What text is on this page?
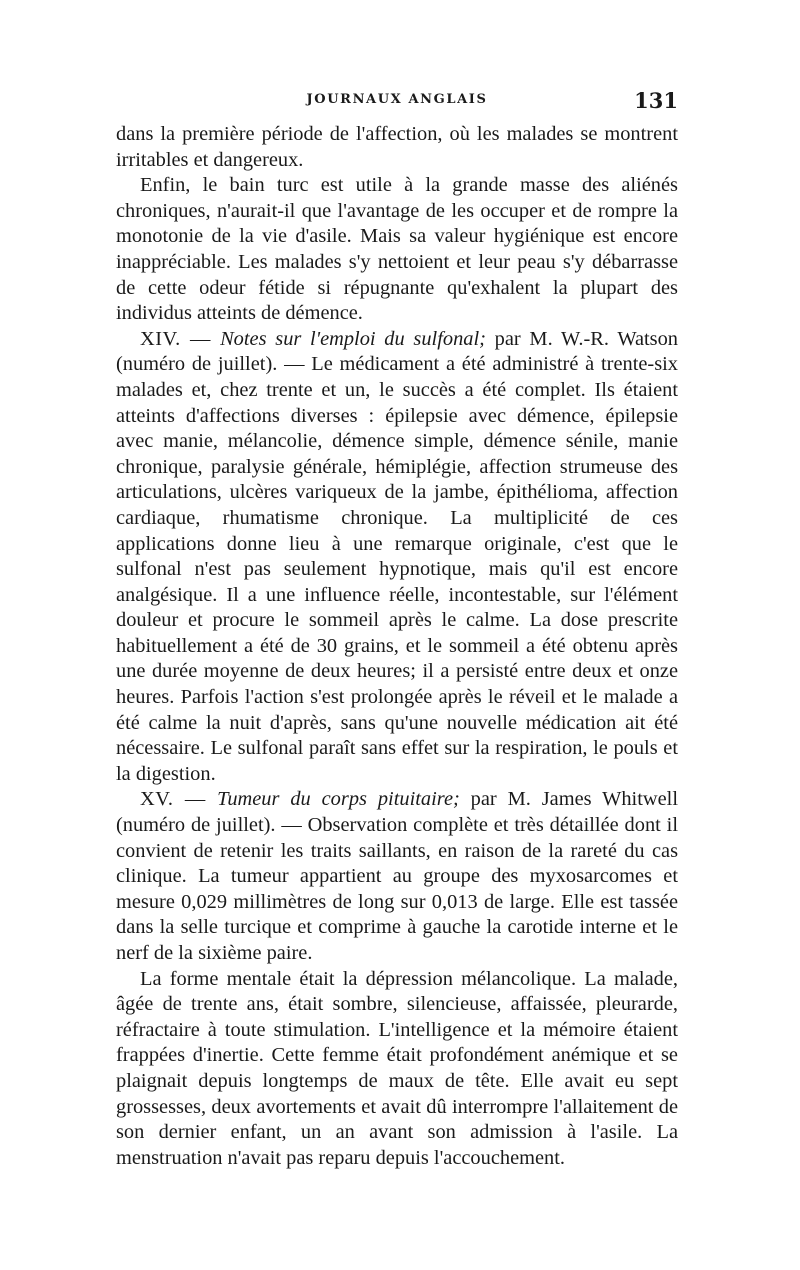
JOURNAUX ANGLAIS	131

dans la première période de l'affection, où les malades se montrent irritables et dangereux.

Enfin, le bain turc est utile à la grande masse des aliénés chroniques, n'aurait-il que l'avantage de les occuper et de rompre la monotonie de la vie d'asile. Mais sa valeur hygiénique est encore inappréciable. Les malades s'y nettoient et leur peau s'y débarrasse de cette odeur fétide si répugnante qu'exhalent la plupart des individus atteints de démence.

XIV. — Notes sur l'emploi du sulfonal; par M. W.-R. Watson (numéro de juillet). — Le médicament a été administré à trente-six malades et, chez trente et un, le succès a été complet. Ils étaient atteints d'affections diverses : épilepsie avec démence, épilepsie avec manie, mélancolie, démence simple, démence sénile, manie chronique, paralysie générale, hémiplégie, affection strumeuse des articulations, ulcères variqueux de la jambe, épithélioma, affection cardiaque, rhumatisme chronique. La multiplicité de ces applications donne lieu à une remarque originale, c'est que le sulfonal n'est pas seulement hypnotique, mais qu'il est encore analgésique. Il a une influence réelle, incontestable, sur l'élément douleur et procure le sommeil après le calme. La dose prescrite habituellement a été de 30 grains, et le sommeil a été obtenu après une durée moyenne de deux heures; il a persisté entre deux et onze heures. Parfois l'action s'est prolongée après le réveil et le malade a été calme la nuit d'après, sans qu'une nouvelle médication ait été nécessaire. Le sulfonal paraît sans effet sur la respiration, le pouls et la digestion.

XV. — Tumeur du corps pituitaire; par M. James Whitwell (numéro de juillet). — Observation complète et très détaillée dont il convient de retenir les traits saillants, en raison de la rareté du cas clinique. La tumeur appartient au groupe des myxosarcomes et mesure 0,029 millimètres de long sur 0,013 de large. Elle est tassée dans la selle turcique et comprime à gauche la carotide interne et le nerf de la sixième paire.

La forme mentale était la dépression mélancolique. La malade, âgée de trente ans, était sombre, silencieuse, affaissée, pleurarde, réfractaire à toute stimulation. L'intelligence et la mémoire étaient frappées d'inertie. Cette femme était profondément anémique et se plaignait depuis longtemps de maux de tête. Elle avait eu sept grossesses, deux avortements et avait dû interrompre l'allaitement de son dernier enfant, un an avant son admission à l'asile. La menstruation n'avait pas reparu depuis l'accouchement.
